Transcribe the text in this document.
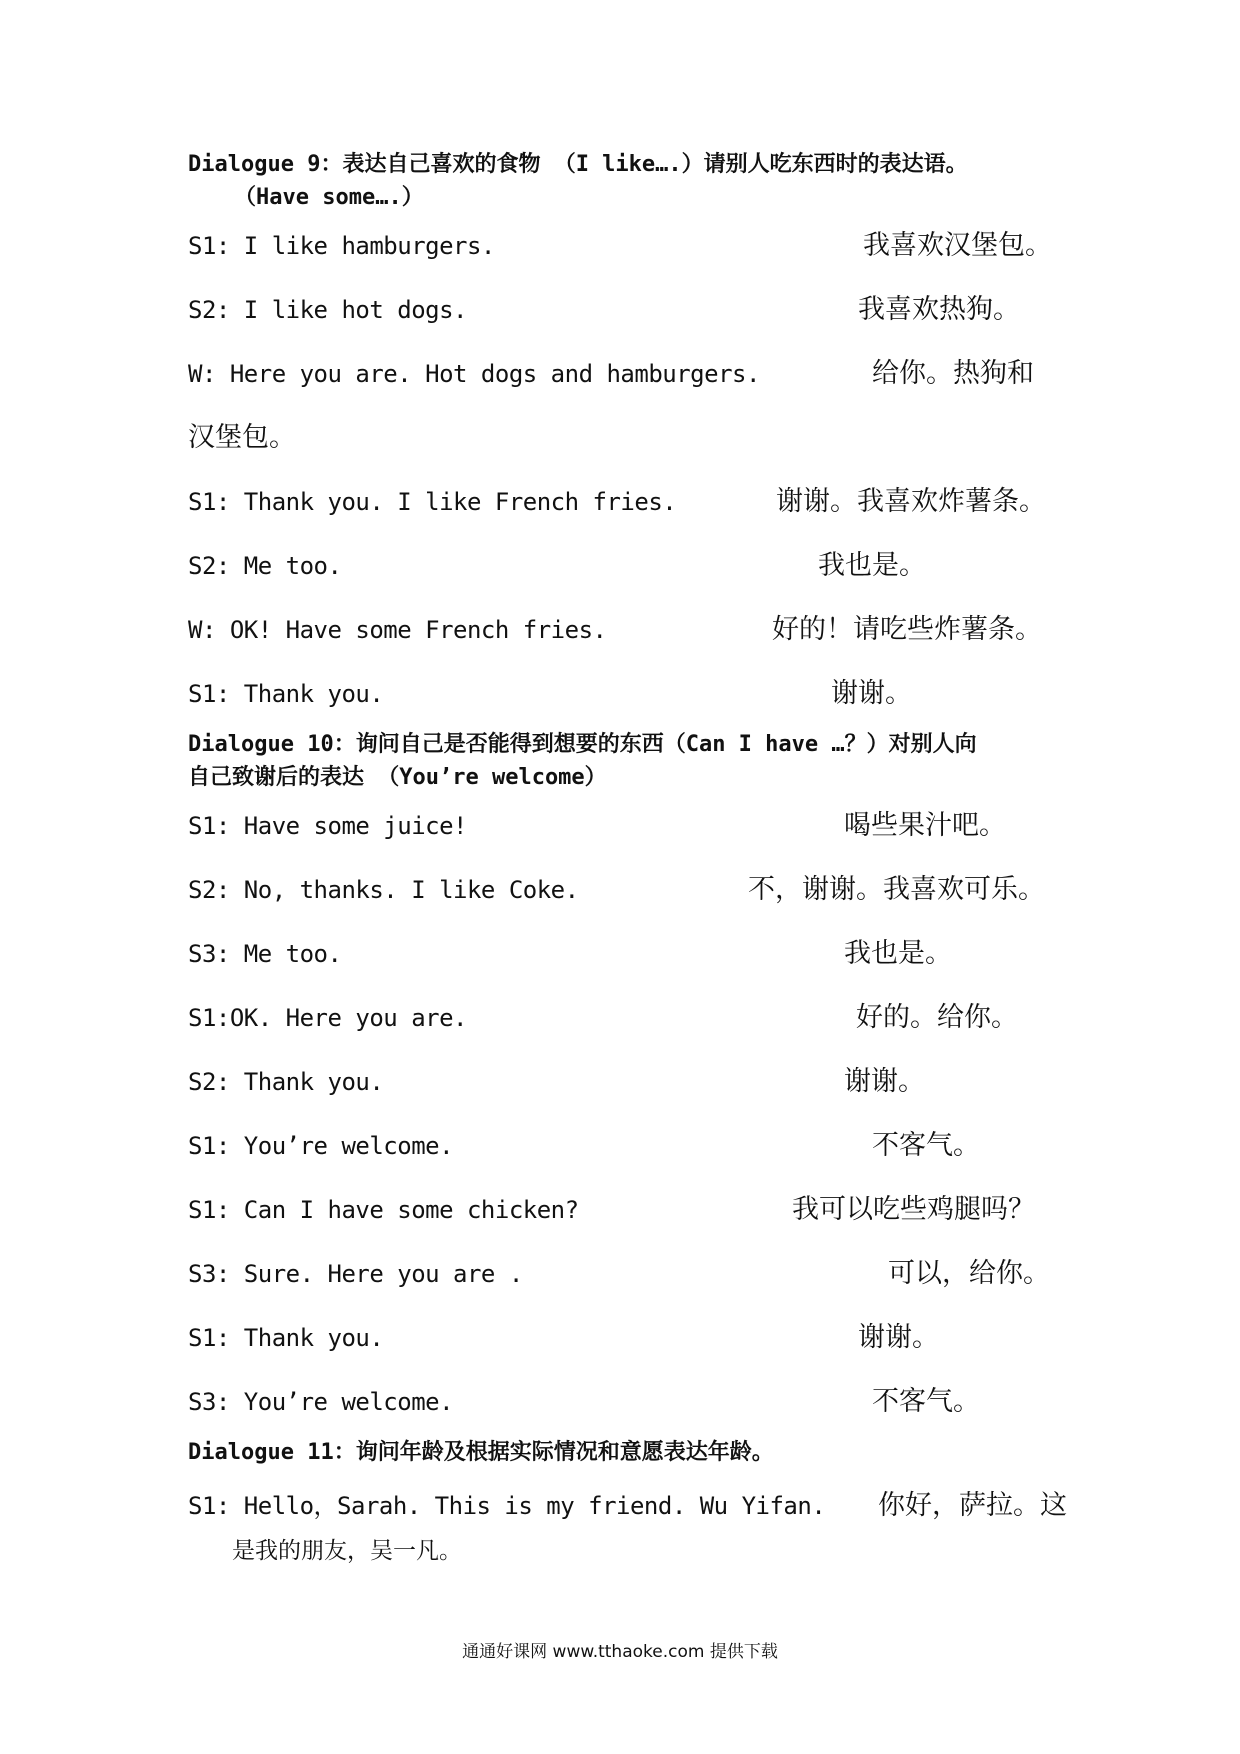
Dialogue 9：表达自己喜欢的食物 （I like….）请别人吃东西时的表达语。
（Have some….）
S1: I like hamburgers.	我喜欢汉堡包。
S2: I like hot dogs.	我喜欢热狗。
W: Here you are. Hot dogs and hamburgers.	给你。热狗和
汉堡包。
S1: Thank you. I like French fries.	谢谢。我喜欢炸薯条。
S2: Me too.	我也是。
W: OK! Have some French fries.	好的！请吃些炸薯条。
S1: Thank you.	谢谢。
Dialogue 10：询问自己是否能得到想要的东西（Can I have …？）对别人向
自己致谢后的表达 （You’re welcome）
S1: Have some juice!	喝些果汁吧。
S2: No, thanks. I like Coke.	不，谢谢。我喜欢可乐。
S3: Me too.	我也是。
S1:OK. Here you are.	好的。给你。
S2: Thank you.	谢谢。
S1: You’re welcome.	不客气。
S1: Can I have some chicken?	我可以吃些鸡腿吗？
S3: Sure. Here you are .	可以，给你。
S1: Thank you.	谢谢。
S3: You’re welcome.	不客气。
Dialogue 11：询问年龄及根据实际情况和意愿表达年龄。
S1: Hello，Sarah. This is my friend. Wu Yifan. 你好，萨拉。这
是我的朋友，吴一凡。
通通好课网 www.tthaoke.com 提供下载
